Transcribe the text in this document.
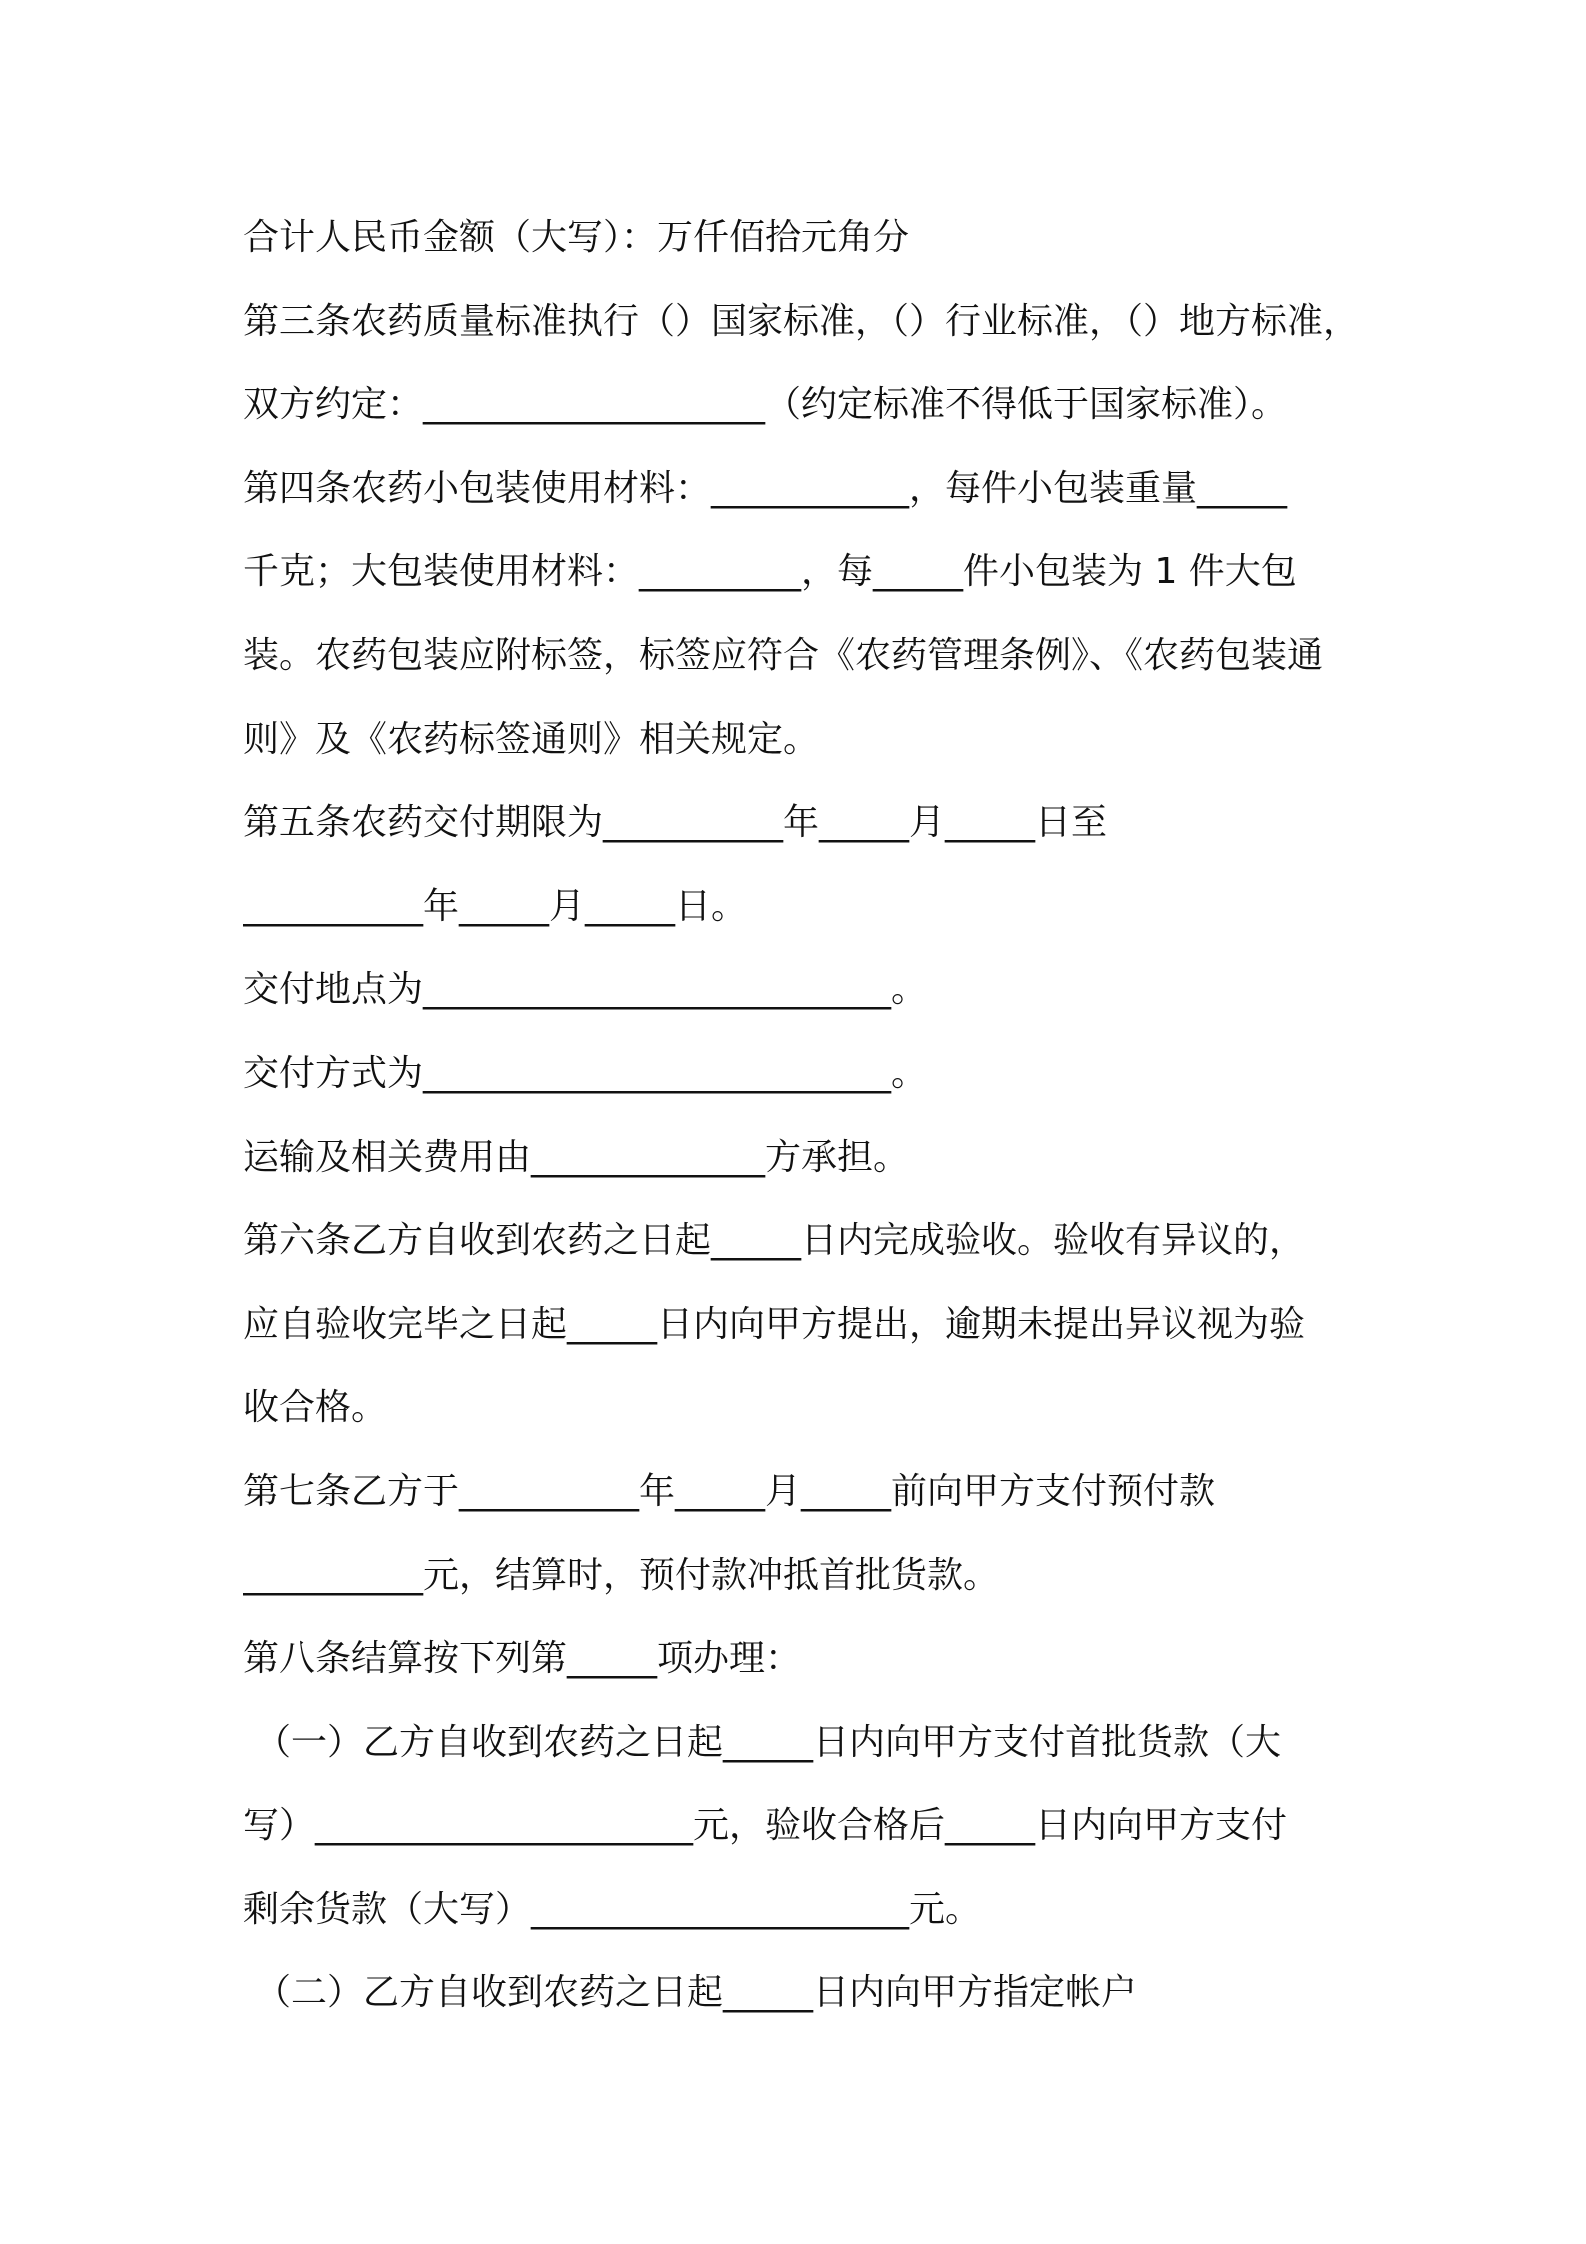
合计人民币金额（大写）：万仟佰拾元角分
第三条农药质量标准执行（）国家标准，（）行业标准，（）地方标准，
双方约定：___________________（约定标准不得低于国家标准）。
第四条农药小包装使用材料：___________，每件小包装重量_____
千克；大包装使用材料：_________，每_____件小包装为 1 件大包
装。农药包装应附标签，标签应符合《农药管理条例》、《农药包装通
则》及《农药标签通则》相关规定。
第五条农药交付期限为__________年_____月_____日至
__________年_____月_____日。
交付地点为__________________________。
交付方式为__________________________。
运输及相关费用由_____________方承担。
第六条乙方自收到农药之日起_____日内完成验收。验收有异议的，
应自验收完毕之日起_____日内向甲方提出，逾期未提出异议视为验
收合格。
第七条乙方于__________年_____月_____前向甲方支付预付款
__________元，结算时，预付款冲抵首批货款。
第八条结算按下列第_____项办理：
（一）乙方自收到农药之日起_____日内向甲方支付首批货款（大
写）_____________________元，验收合格后_____日内向甲方支付
剩余货款（大写）_____________________元。
（二）乙方自收到农药之日起_____日内向甲方指定帐户
